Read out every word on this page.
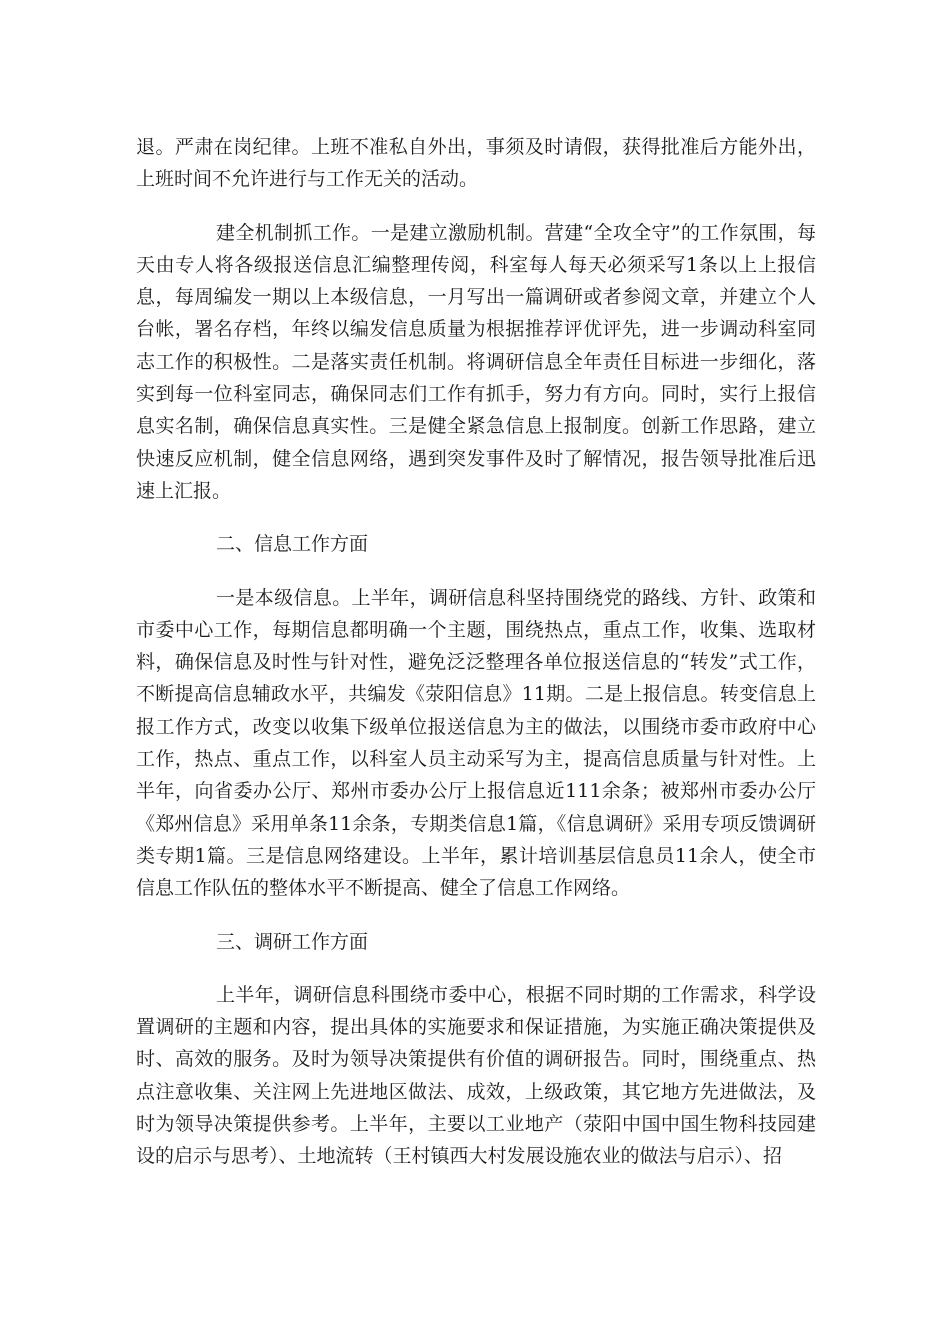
退。严肃在岗纪律。上班不准私自外出，事须及时请假，获得批准后方能外出，上班时间不允许进行与工作无关的活动。

建全机制抓工作。一是建立激励机制。营建“全攻全守”的工作氛围，每天由专人将各级报送信息汇编整理传阅，科室每人每天必须采写1条以上上报信息，每周编发一期以上本级信息，一月写出一篇调研或者参阅文章，并建立个人台帐，署名存档，年终以编发信息质量为根据推荐评优评先，进一步调动科室同志工作的积极性。二是落实责任机制。将调研信息全年责任目标进一步细化，落实到每一位科室同志，确保同志们工作有抓手，努力有方向。同时，实行上报信息实名制，确保信息真实性。三是健全紧急信息上报制度。创新工作思路，建立快速反应机制，健全信息网络，遇到突发事件及时了解情况，报告领导批准后迅速上汇报。

二、信息工作方面

一是本级信息。上半年，调研信息科坚持围绕党的路线、方针、政策和市委中心工作，每期信息都明确一个主题，围绕热点，重点工作，收集、选取材料，确保信息及时性与针对性，避免泛泛整理各单位报送信息的“转发”式工作，不断提高信息辅政水平，共编发《荥阳信息》11期。二是上报信息。转变信息上报工作方式，改变以收集下级单位报送信息为主的做法，以围绕市委市政府中心工作，热点、重点工作，以科室人员主动采写为主，提高信息质量与针对性。上半年，向省委办公厅、郑州市委办公厅上报信息近111余条；被郑州市委办公厅《郑州信息》采用单条11余条，专期类信息1篇，《信息调研》采用专项反馈调研类专期1篇。三是信息网络建设。上半年，累计培训基层信息员11余人，使全市信息工作队伍的整体水平不断提高、健全了信息工作网络。

三、调研工作方面

上半年，调研信息科围绕市委中心，根据不同时期的工作需求，科学设置调研的主题和内容，提出具体的实施要求和保证措施，为实施正确决策提供及时、高效的服务。及时为领导决策提供有价值的调研报告。同时，围绕重点、热点注意收集、关注网上先进地区做法、成效，上级政策，其它地方先进做法，及时为领导决策提供参考。上半年，主要以工业地产（荥阳中国中国生物科技园建设的启示与思考）、土地流转（王村镇西大村发展设施农业的做法与启示）、招
